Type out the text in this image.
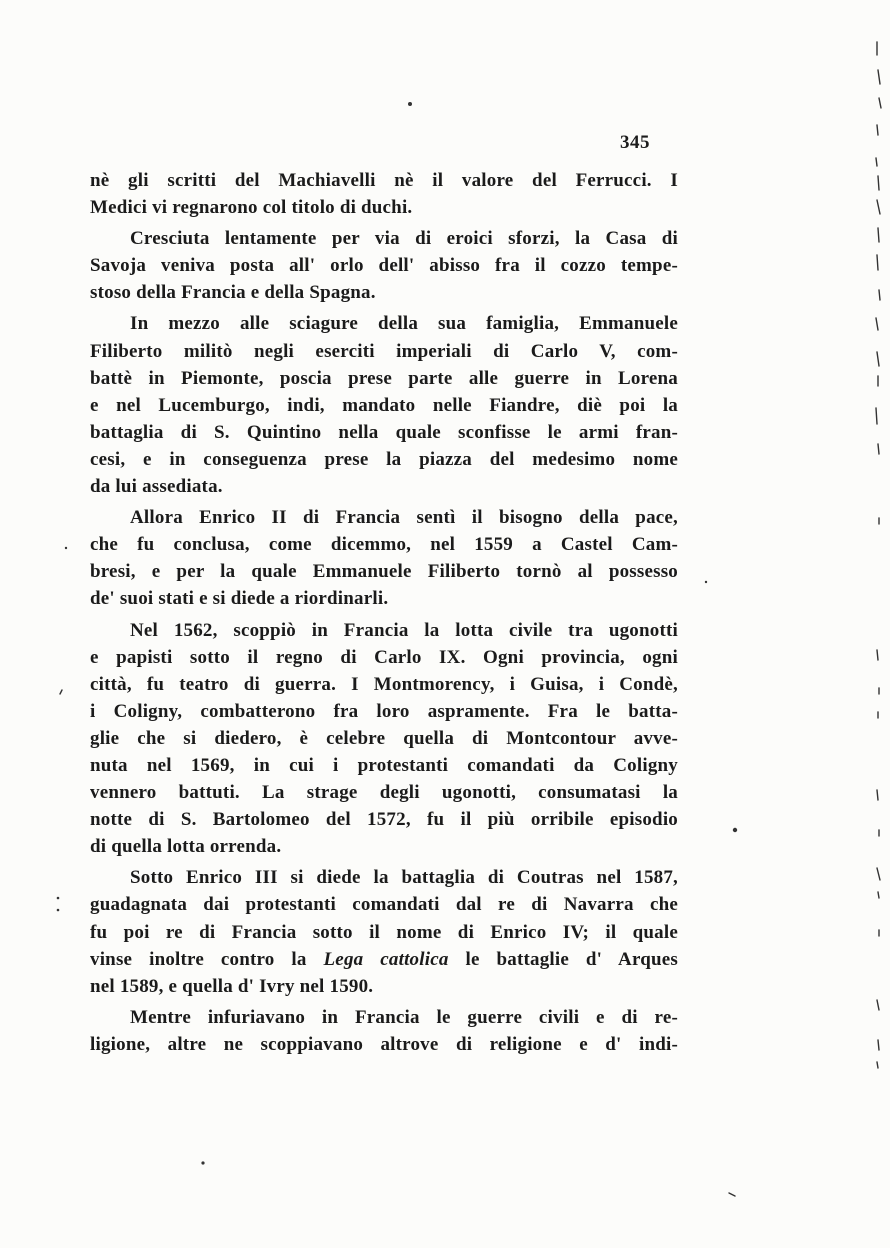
345
nè gli scritti del Machiavelli nè il valore del Ferrucci. I
Medici vi regnarono col titolo di duchi.
Cresciuta lentamente per via di eroici sforzi, la Casa di
Savoja veniva posta all' orlo dell' abisso fra il cozzo tempe-
stoso della Francia e della Spagna.
In mezzo alle sciagure della sua famiglia, Emmanuele
Filiberto militò negli eserciti imperiali di Carlo V, com-
battè in Piemonte, poscia prese parte alle guerre in Lorena
e nel Lucemburgo, indi, mandato nelle Fiandre, diè poi la
battaglia di S. Quintino nella quale sconfisse le armi fran-
cesi, e in conseguenza prese la piazza del medesimo nome
da lui assediata.
Allora Enrico II di Francia sentì il bisogno della pace,
che fu conclusa, come dicemmo, nel 1559 a Castel Cam-
bresi, e per la quale Emmanuele Filiberto tornò al possesso
de' suoi stati e si diede a riordinarli.
Nel 1562, scoppiò in Francia la lotta civile tra ugonotti
e papisti sotto il regno di Carlo IX. Ogni provincia, ogni
città, fu teatro di guerra. I Montmorency, i Guisa, i Condè,
i Coligny, combatterono fra loro aspramente. Fra le batta-
glie che si diedero, è celebre quella di Montcontour avve-
nuta nel 1569, in cui i protestanti comandati da Coligny
vennero battuti. La strage degli ugonotti, consumatasi la
notte di S. Bartolomeo del 1572, fu il più orribile episodio
di quella lotta orrenda.
Sotto Enrico III si diede la battaglia di Coutras nel 1587,
guadagnata dai protestanti comandati dal re di Navarra che
fu poi re di Francia sotto il nome di Enrico IV; il quale
vinse inoltre contro la Lega cattolica le battaglie d' Arques
nel 1589, e quella d' Ivry nel 1590.
Mentre infuriavano in Francia le guerre civili e di re-
ligione, altre ne scoppiavano altrove di religione e d' indi-
